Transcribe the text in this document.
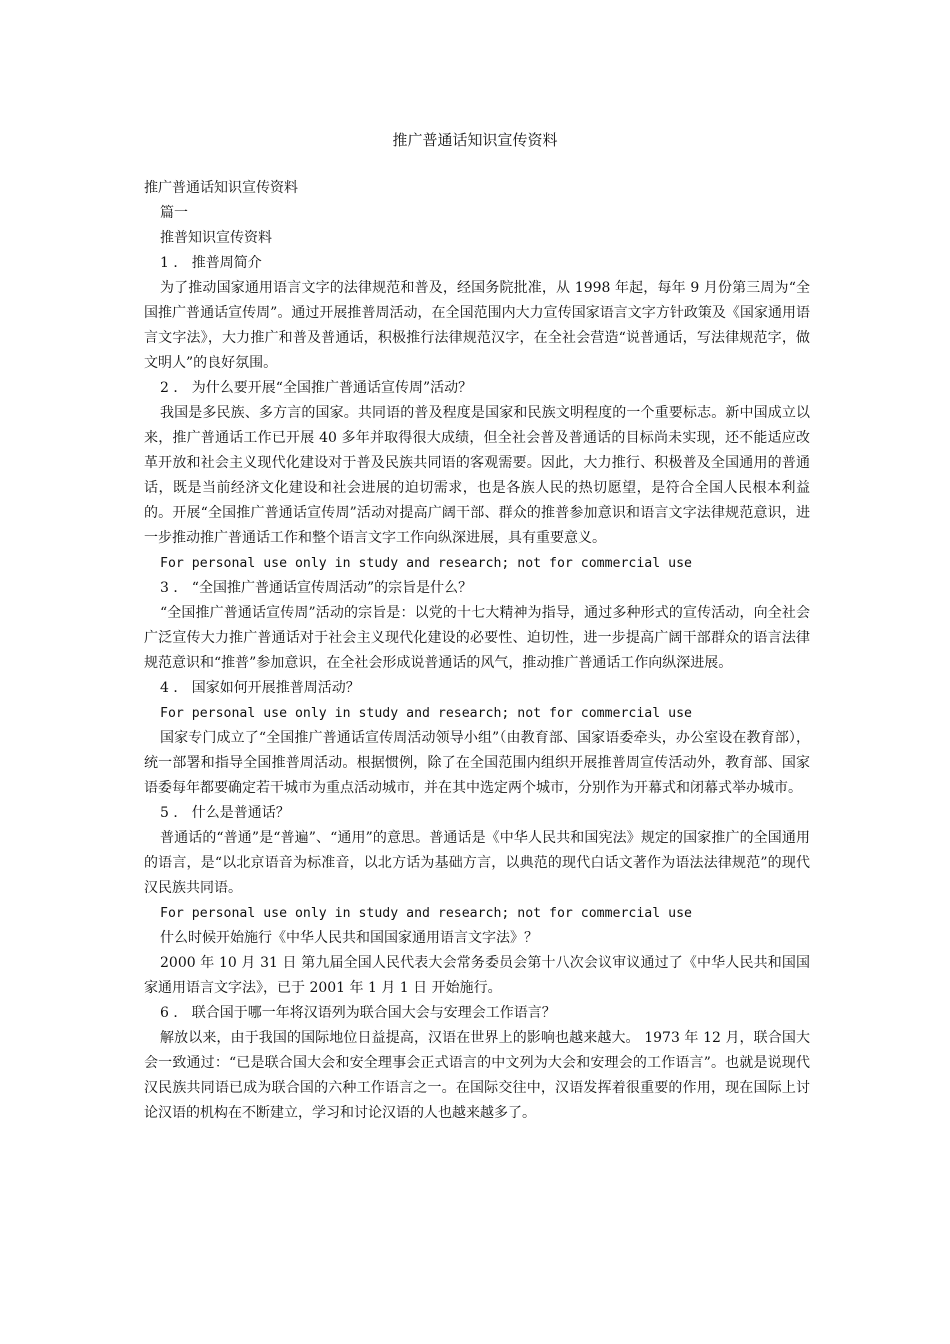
推广普通话知识宣传资料
推广普通话知识宣传资料
篇一
推普知识宣传资料
1 ． 推普周简介
为了推动国家通用语言文字的法律规范和普及，经国务院批准，从 1998 年起，每年 9 月份第三周为“全国推广普通话宣传周”。通过开展推普周活动，在全国范围内大力宣传国家语言文字方针政策及《国家通用语言文字法》，大力推广和普及普通话，积极推行法律规范汉字，在全社会营造“说普通话，写法律规范字，做文明人”的良好氛围。
2 ． 为什么要开展“全国推广普通话宣传周”活动？
我国是多民族、多方言的国家。共同语的普及程度是国家和民族文明程度的一个重要标志。新中国成立以来，推广普通话工作已开展 40 多年并取得很大成绩，但全社会普及普通话的目标尚未实现，还不能适应改革开放和社会主义现代化建设对于普及民族共同语的客观需要。因此，大力推行、积极普及全国通用的普通话，既是当前经济文化建设和社会进展的迫切需求，也是各族人民的热切愿望，是符合全国人民根本利益的。开展“全国推广普通话宣传周”活动对提高广阔干部、群众的推普参加意识和语言文字法律规范意识，进一步推动推广普通话工作和整个语言文字工作向纵深进展，具有重要意义。
For personal use only in study and research; not for commercial use
3 ． “全国推广普通话宣传周活动”的宗旨是什么？
“全国推广普通话宣传周”活动的宗旨是：以党的十七大精神为指导，通过多种形式的宣传活动，向全社会广泛宣传大力推广普通话对于社会主义现代化建设的必要性、迫切性，进一步提高广阔干部群众的语言法律规范意识和“推普”参加意识，在全社会形成说普通话的风气，推动推广普通话工作向纵深进展。
4 ． 国家如何开展推普周活动？
For personal use only in study and research; not for commercial use
国家专门成立了“全国推广普通话宣传周活动领导小组”（由教育部、国家语委牵头，办公室设在教育部），统一部署和指导全国推普周活动。根据惯例，除了在全国范围内组织开展推普周宣传活动外，教育部、国家语委每年都要确定若干城市为重点活动城市，并在其中选定两个城市，分别作为开幕式和闭幕式举办城市。
5 ． 什么是普通话？
普通话的“普通”是“普遍”、“通用”的意思。普通话是《中华人民共和国宪法》规定的国家推广的全国通用的语言，是“以北京语音为标准音，以北方话为基础方言，以典范的现代白话文著作为语法法律规范”的现代汉民族共同语。
For personal use only in study and research; not for commercial use
什么时候开始施行《中华人民共和国国家通用语言文字法》？
2000 年 10 月 31 日 第九届全国人民代表大会常务委员会第十八次会议审议通过了《中华人民共和国国家通用语言文字法》，已于 2001 年 1 月 1 日 开始施行。
6 ． 联合国于哪一年将汉语列为联合国大会与安理会工作语言？
解放以来，由于我国的国际地位日益提高，汉语在世界上的影响也越来越大。 1973 年 12 月，联合国大会一致通过：“已是联合国大会和安全理事会正式语言的中文列为大会和安理会的工作语言”。也就是说现代汉民族共同语已成为联合国的六种工作语言之一。在国际交往中，汉语发挥着很重要的作用，现在国际上讨论汉语的机构在不断建立，学习和讨论汉语的人也越来越多了。
